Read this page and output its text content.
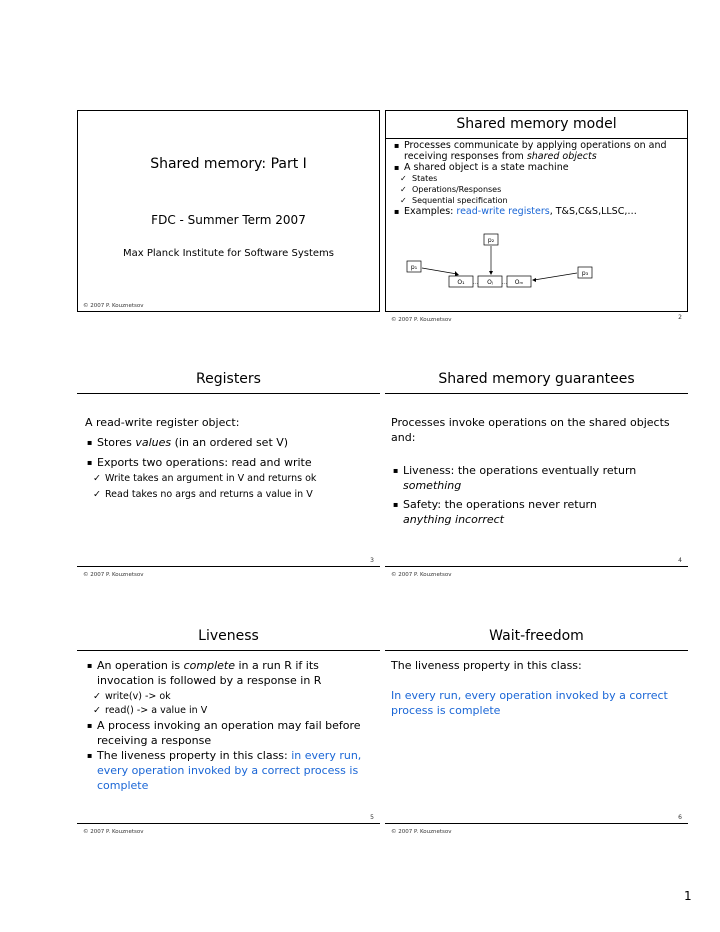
Shared memory: Part I
FDC - Summer Term 2007
Max Planck Institute for Software Systems
© 2007 P. Kouznetsov
Shared memory model
▪ Processes communicate by applying operations on and receiving responses from shared objects
▪ A shared object is a state machine
✓ States
✓ Operations/Responses
✓ Sequential specification
▪ Examples: read-write registers, T&S,C&S,LLSC,…
p₂
p₁
p₃
O₁ … Oⱼ … Oₘ
© 2007 P. Kouznetsov	2
Registers

A read-write register object:

▪ Stores values (in an ordered set V)
▪ Exports two operations: read and write
✓ Write takes an argument in V and returns ok
✓ Read takes no args and returns a value in V
© 2007 P. Kouznetsov
3
Shared memory guarantees

Processes invoke operations on the shared objects and:

▪ Liveness: the operations eventually return
something
▪ Safety: the operations never return
anything incorrect
© 2007 P. Kouznetsov
4
Liveness
▪ An operation is complete in a run R if its invocation is followed by a response in R
✓ write(v) -> ok
✓ read() -> a value in V
▪ A process invoking an operation may fail before receiving a response
▪ The liveness property in this class: in every run, every operation invoked by a correct process is complete
© 2007 P. Kouznetsov
5
Wait-freedom

The liveness property in this class:

In every run, every operation invoked by a correct process is complete

© 2007 P. Kouznetsov
6
1
